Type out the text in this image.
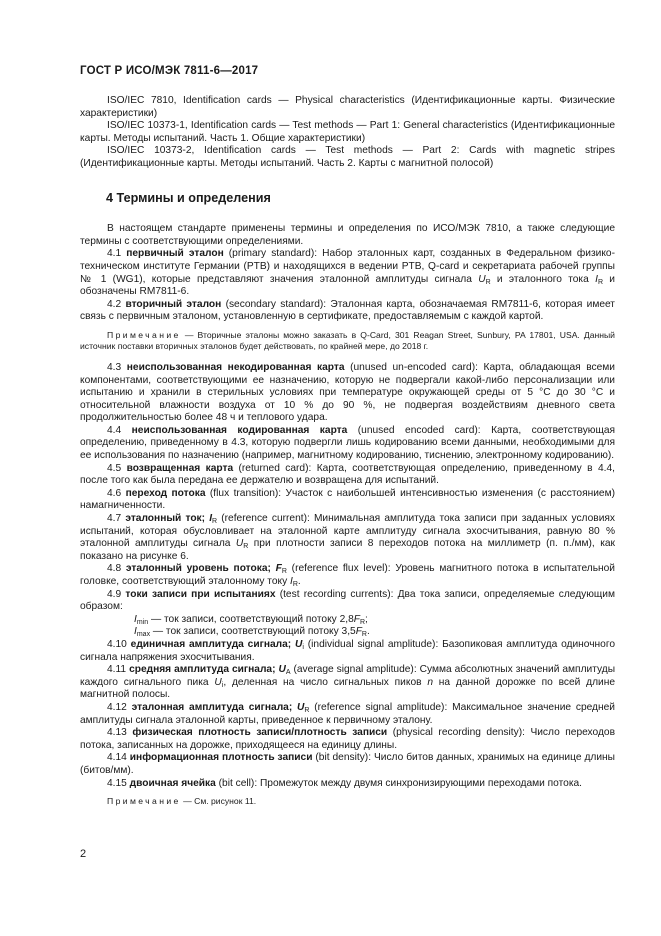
ГОСТ Р ИСО/МЭК 7811-6—2017

ISO/IEC 7810, Identification cards — Physical characteristics (Идентификационные карты. Физические характеристики)

ISO/IEC 10373-1, Identification cards — Test methods — Part 1: General characteristics (Идентификационные карты. Методы испытаний. Часть 1. Общие характеристики)

ISO/IEC 10373-2, Identification cards — Test methods — Part 2: Cards with magnetic stripes (Идентификационные карты. Методы испытаний. Часть 2. Карты с магнитной полосой)

4 Термины и определения

В настоящем стандарте применены термины и определения по ИСО/МЭК 7810, а также следующие термины с соответствующими определениями.

4.1 первичный эталон (primary standard): Набор эталонных карт, созданных в Федеральном физико-техническом институте Германии (PTB) и находящихся в ведении PTB, Q-card и секретариата рабочей группы № 1 (WG1), которые представляют значения эталонной амплитуды сигнала $U_R$ и эталонного тока $I_R$ и обозначены RM7811-6.

4.2 вторичный эталон (secondary standard): Эталонная карта, обозначаемая RM7811-6, которая имеет связь с первичным эталоном, установленную в сертификате, предоставляемым с каждой картой.

Примечание — Вторичные эталоны можно заказать в Q-Card, 301 Reagan Street, Sunbury, PA 17801, USA. Данный источник поставки вторичных эталонов будет действовать, по крайней мере, до 2018 г.

4.3 неиспользованная некодированная карта (unused un-encoded card): Карта, обладающая всеми компонентами, соответствующими ее назначению, которую не подвергали какой-либо персонализации или испытанию и хранили в стерильных условиях при температуре окружающей среды от 5 °С до 30 °С и относительной влажности воздуха от 10 % до 90 %, не подвергая воздействиям дневного света продолжительностью более 48 ч и теплового удара.

4.4 неиспользованная кодированная карта (unused encoded card): Карта, соответствующая определению, приведенному в 4.3, которую подвергли лишь кодированию всеми данными, необходимыми для ее использования по назначению (например, магнитному кодированию, тиснению, электронному кодированию).

4.5 возвращенная карта (returned card): Карта, соответствующая определению, приведенному в 4.4, после того как была передана ее держателю и возвращена для испытаний.

4.6 переход потока (flux transition): Участок с наибольшей интенсивностью изменения (с расстоянием) намагниченности.

4.7 эталонный ток; $I_R$ (reference current): Минимальная амплитуда тока записи при заданных условиях испытаний, которая обусловливает на эталонной карте амплитуду сигнала эхосчитывания, равную 80 % эталонной амплитуды сигнала $U_R$ при плотности записи 8 переходов потока на миллиметр (п. п./мм), как показано на рисунке 6.

4.8 эталонный уровень потока; $F_R$ (reference flux level): Уровень магнитного потока в испытательной головке, соответствующий эталонному току $I_R$.

4.9 токи записи при испытаниях (test recording currents): Два тока записи, определяемые следующим образом:

$I_{min}$ — ток записи, соответствующий потоку $2,8F_R$;

$I_{max}$ — ток записи, соответствующий потоку $3,5F_R$.

4.10 единичная амплитуда сигнала; $U_i$ (individual signal amplitude): Базопиковая амплитуда одиночного сигнала напряжения эхосчитывания.

4.11 средняя амплитуда сигнала; $U_A$ (average signal amplitude): Сумма абсолютных значений амплитуды каждого сигнального пика $U_i$, деленная на число сигнальных пиков n на данной дорожке по всей длине магнитной полосы.

4.12 эталонная амплитуда сигнала; $U_R$ (reference signal amplitude): Максимальное значение средней амплитуды сигнала эталонной карты, приведенное к первичному эталону.

4.13 физическая плотность записи/плотность записи (physical recording density): Число переходов потока, записанных на дорожке, приходящееся на единицу длины.

4.14 информационная плотность записи (bit density): Число битов данных, хранимых на единице длины (битов/мм).

4.15 двоичная ячейка (bit cell): Промежуток между двумя синхронизирующими переходами потока.

Примечание — См. рисунок 11.

2
